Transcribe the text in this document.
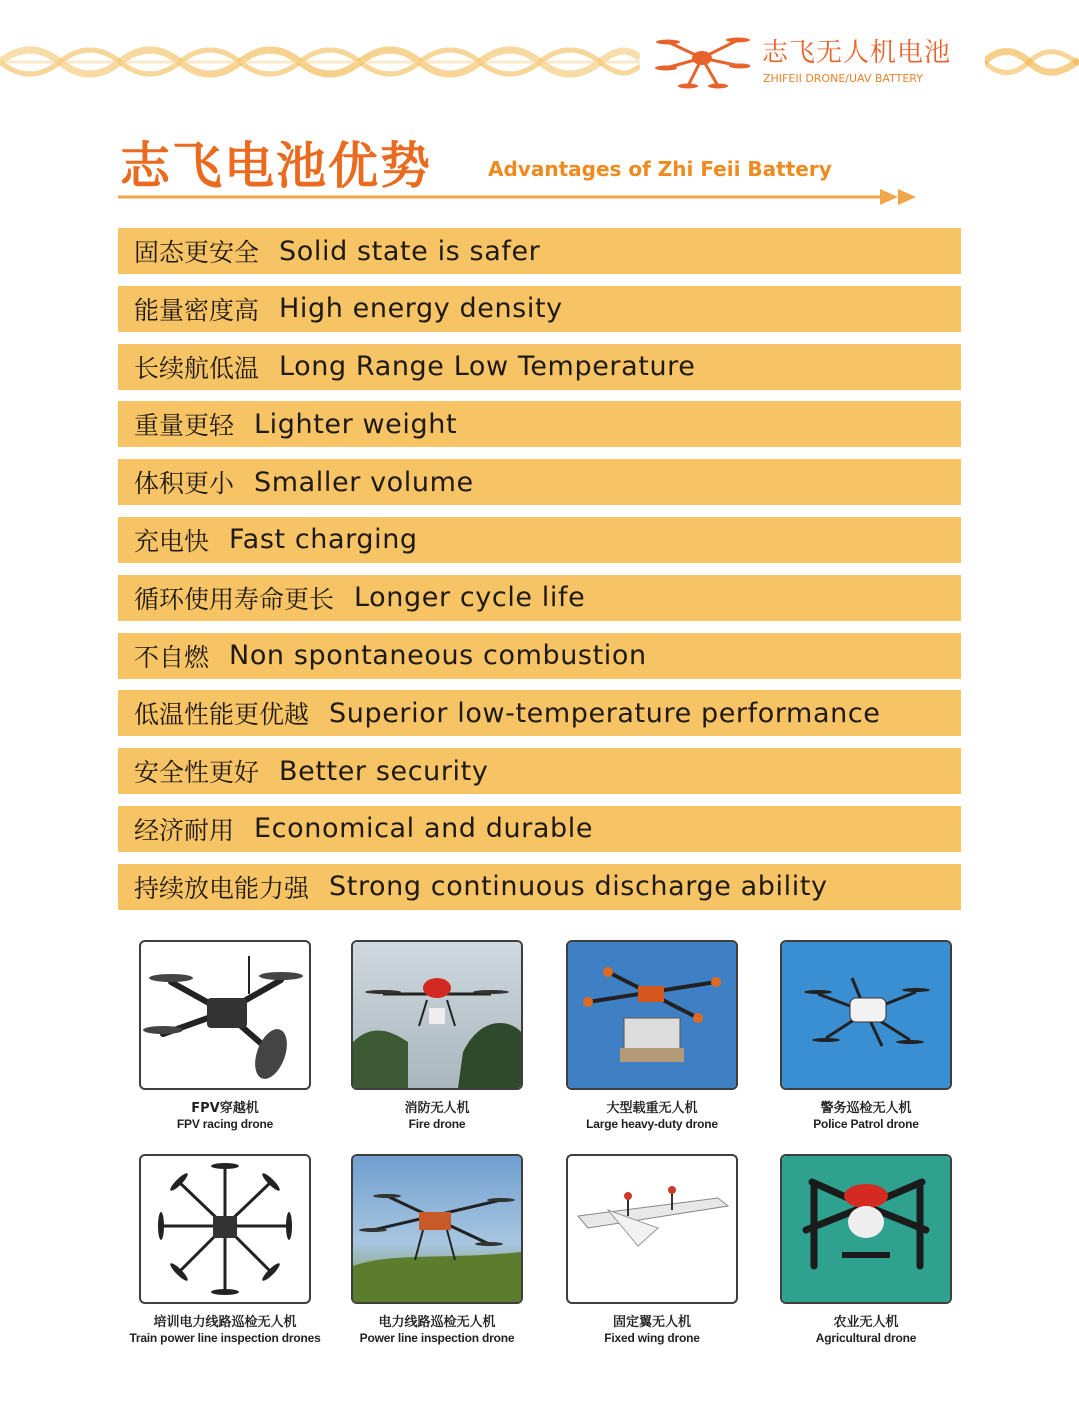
志飞无人机电池
ZHIFEII DRONE/UAV BATTERY
志飞电池优势	Advantages of Zhi Feii Battery
固态更安全 Solid state is safer
能量密度高 High energy density
长续航低温 Long Range Low Temperature
重量更轻 Lighter weight
体积更小 Smaller volume
充电快 Fast charging
循环使用寿命更长 Longer cycle life
不自燃 Non spontaneous combustion
低温性能更优越 Superior low-temperature performance
安全性更好 Better security
经济耐用 Economical and durable
持续放电能力强 Strong continuous discharge ability
FPV穿越机
FPV racing drone
消防无人机
Fire drone
大型载重无人机
Large heavy-duty drone
警务巡检无人机
Police Patrol drone
培训电力线路巡检无人机
Train power line inspection drones
电力线路巡检无人机
Power line inspection drone
固定翼无人机
Fixed wing drone
农业无人机
Agricultural drone
